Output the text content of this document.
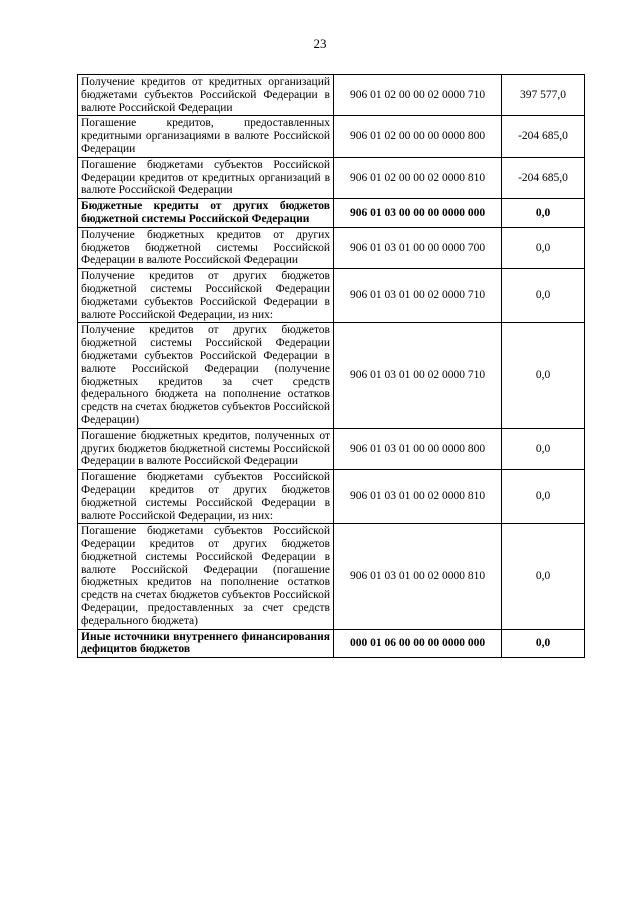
23
Получение кредитов от кредитных организаций бюджетами субъектов Российской Федерации в валюте Российской Федерации	906 01 02 00 00 02 0000 710	397 577,0
Погашение кредитов, предоставленных кредитными организациями в валюте Российской Федерации	906 01 02 00 00 00 0000 800	-204 685,0
Погашение бюджетами субъектов Российской Федерации кредитов от кредитных организаций в валюте Российской Федерации	906 01 02 00 00 02 0000 810	-204 685,0
Бюджетные кредиты от других бюджетов бюджетной системы Российской Федерации	906 01 03 00 00 00 0000 000	0,0
Получение бюджетных кредитов от других бюджетов бюджетной системы Российской Федерации в валюте Российской Федерации	906 01 03 01 00 00 0000 700	0,0
Получение кредитов от других бюджетов бюджетной системы Российской Федерации бюджетами субъектов Российской Федерации в валюте Российской Федерации, из них:	906 01 03 01 00 02 0000 710	0,0
Получение кредитов от других бюджетов бюджетной системы Российской Федерации бюджетами субъектов Российской Федерации в валюте Российской Федерации (получение бюджетных кредитов за счет средств федерального бюджета на пополнение остатков средств на счетах бюджетов субъектов Российской Федерации)	906 01 03 01 00 02 0000 710	0,0
Погашение бюджетных кредитов, полученных от других бюджетов бюджетной системы Российской Федерации в валюте Российской Федерации	906 01 03 01 00 00 0000 800	0,0
Погашение бюджетами субъектов Российской Федерации кредитов от других бюджетов бюджетной системы Российской Федерации в валюте Российской Федерации, из них:	906 01 03 01 00 02 0000 810	0,0
Погашение бюджетами субъектов Российской Федерации кредитов от других бюджетов бюджетной системы Российской Федерации в валюте Российской Федерации (погашение бюджетных кредитов на пополнение остатков средств на счетах бюджетов субъектов Российской Федерации, предоставленных за счет средств федерального бюджета)	906 01 03 01 00 02 0000 810	0,0
Иные источники внутреннего финансирования дефицитов бюджетов	000 01 06 00 00 00 0000 000	0,0
